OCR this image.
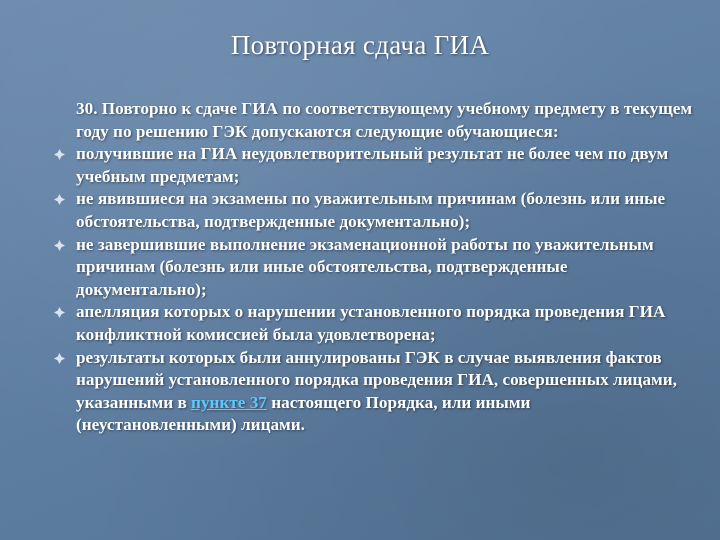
Повторная сдача ГИА

30. Повторно к сдаче ГИА по соответствующему учебному предмету в текущем году по решению ГЭК допускаются следующие обучающиеся:

получившие на ГИА неудовлетворительный результат не более чем по двум учебным предметам;
не явившиеся на экзамены по уважительным причинам (болезнь или иные обстоятельства, подтвержденные документально);
не завершившие выполнение экзаменационной работы по уважительным причинам (болезнь или иные обстоятельства, подтвержденные документально);
апелляция которых о нарушении установленного порядка проведения ГИА конфликтной комиссией была удовлетворена;
результаты которых были аннулированы ГЭК в случае выявления фактов нарушений установленного порядка проведения ГИА, совершенных лицами, указанными в пункте 37 настоящего Порядка, или иными (неустановленными) лицами.
